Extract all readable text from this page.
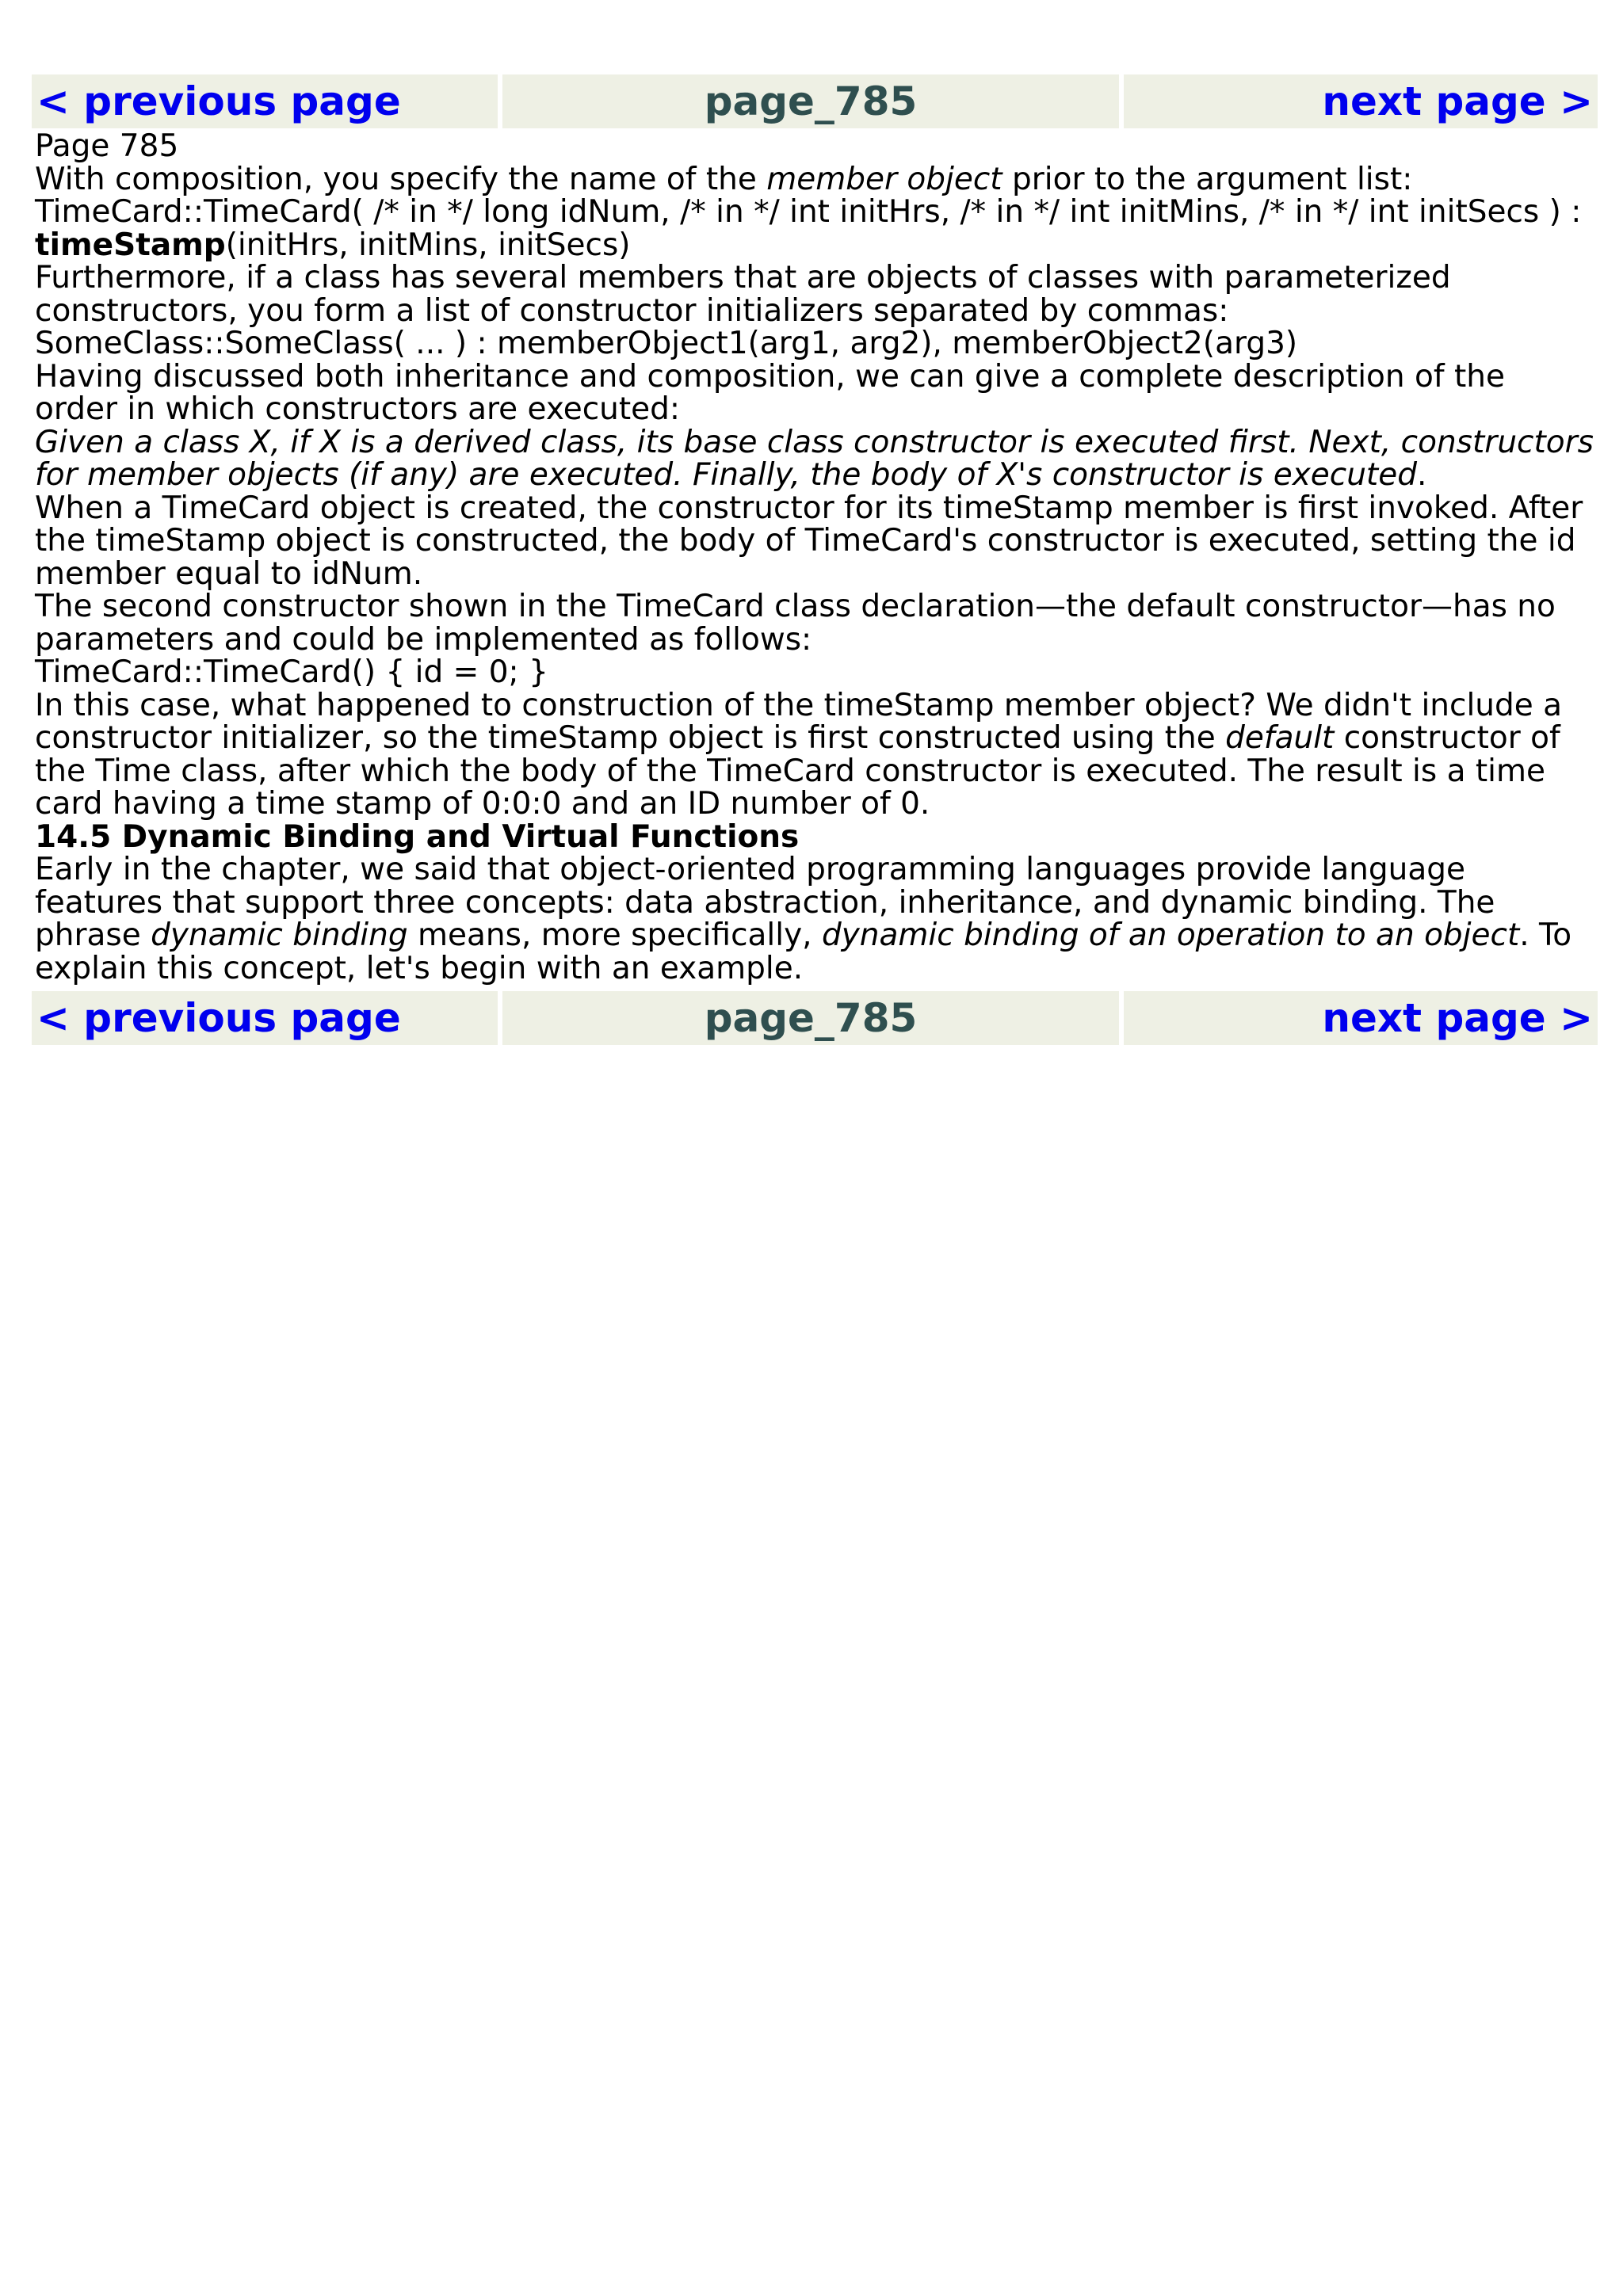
< previous page	page_785	next page >

Page 785

With composition, you specify the name of the member object prior to the argument list:

TimeCard::TimeCard( /* in */ long idNum, /* in */ int initHrs, /* in */ int initMins, /* in */ int initSecs ) :

timeStamp(initHrs, initMins, initSecs)

Furthermore, if a class has several members that are objects of classes with parameterized constructors, you form a list of constructor initializers separated by commas:

SomeClass::SomeClass( ... ) : memberObject1(arg1, arg2), memberObject2(arg3)

Having discussed both inheritance and composition, we can give a complete description of the order in which constructors are executed:

Given a class X, if X is a derived class, its base class constructor is executed first. Next, constructors for member objects (if any) are executed. Finally, the body of X's constructor is executed.

When a TimeCard object is created, the constructor for its timeStamp member is first invoked. After the timeStamp object is constructed, the body of TimeCard's constructor is executed, setting the id member equal to idNum.

The second constructor shown in the TimeCard class declaration—the default constructor—has no parameters and could be implemented as follows:

TimeCard::TimeCard() { id = 0; }

In this case, what happened to construction of the timeStamp member object? We didn't include a constructor initializer, so the timeStamp object is first constructed using the default constructor of the Time class, after which the body of the TimeCard constructor is executed. The result is a time card having a time stamp of 0:0:0 and an ID number of 0.

14.5 Dynamic Binding and Virtual Functions

Early in the chapter, we said that object-oriented programming languages provide language features that support three concepts: data abstraction, inheritance, and dynamic binding. The phrase dynamic binding means, more specifically, dynamic binding of an operation to an object. To explain this concept, let's begin with an example.

< previous page	page_785	next page >
